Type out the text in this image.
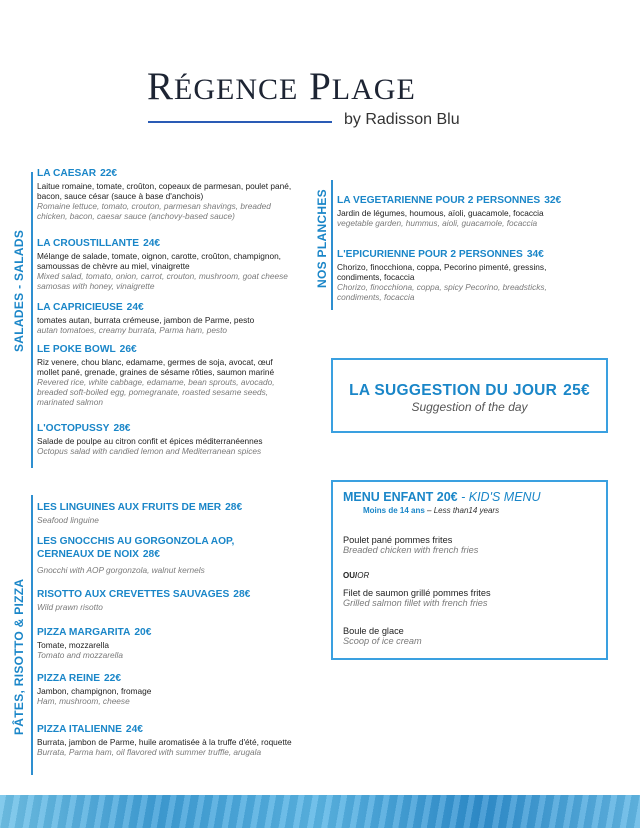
RÉGENCE PLAGE
by Radisson Blu
SALADES - SALADS	NOS PLANCHES
PÂTES, RISOTTO & PIZZA
LA CAESAR 22€
Laitue romaine, tomate, croûton, copeaux de parmesan, poulet pané, bacon, sauce césar (sauce à base d'anchois)
Romaine lettuce, tomato, crouton, parmesan shavings, breaded chicken, bacon, caesar sauce (anchovy-based sauce)
LA CROUSTILLANTE 24€
Mélange de salade, tomate, oignon, carotte, croûton, champignon, samoussas de chèvre au miel, vinaigrette
Mixed salad, tomato, onion, carrot, crouton, mushroom, goat cheese samosas with honey, vinaigrette
LA CAPRICIEUSE 24€
tomates autan, burrata crémeuse, jambon de Parme, pesto
autan tomatoes, creamy burrata, Parma ham, pesto
LE POKE BOWL 26€
Riz venere, chou blanc, edamame, germes de soja, avocat, œuf mollet pané, grenade, graines de sésame rôties, saumon mariné
Revered rice, white cabbage, edamame, bean sprouts, avocado, breaded soft-boiled egg, pomegranate, roasted sesame seeds, marinated salmon
L'OCTOPUSSY 28€
Salade de poulpe au citron confit et épices méditerranéennes
Octopus salad with candied lemon and Mediterranean spices
LA VEGETARIENNE POUR 2 PERSONNES 32€
Jardin de légumes, houmous, aïoli, guacamole, focaccia
vegetable garden, hummus, aioli, guacamole, focaccia
L'EPICURIENNE POUR 2 PERSONNES 34€
Chorizo, finocchiona, coppa, Pecorino pimenté, gressins, condiments, focaccia
Chorizo, finocchiona, coppa, spicy Pecorino, breadsticks, condiments, focaccia
LA SUGGESTION DU JOUR 25€
Suggestion of the day
LES LINGUINES AUX FRUITS DE MER 28€
Seafood linguine
LES GNOCCHIS AU GORGONZOLA AOP, CERNEAUX DE NOIX 28€
Gnocchi with AOP gorgonzola, walnut kernels
RISOTTO AUX CREVETTES SAUVAGES 28€
Wild prawn risotto
PIZZA MARGARITA 20€
Tomate, mozzarella
Tomato and mozzarella
PIZZA REINE 22€
Jambon, champignon, fromage
Ham, mushroom, cheese
PIZZA ITALIENNE 24€
Burrata, jambon de Parme, huile aromatisée à la truffe d'été, roquette
Burrata, Parma ham, oil flavored with summer truffle, arugala
MENU ENFANT 20€ - KID'S MENU
Moins de 14 ans – Less than14 years
Poulet pané pommes frites
Breaded chicken with french fries
OU/OR
Filet de saumon grillé pommes frites
Grilled salmon fillet with french fries
Boule de glace
Scoop of ice cream
